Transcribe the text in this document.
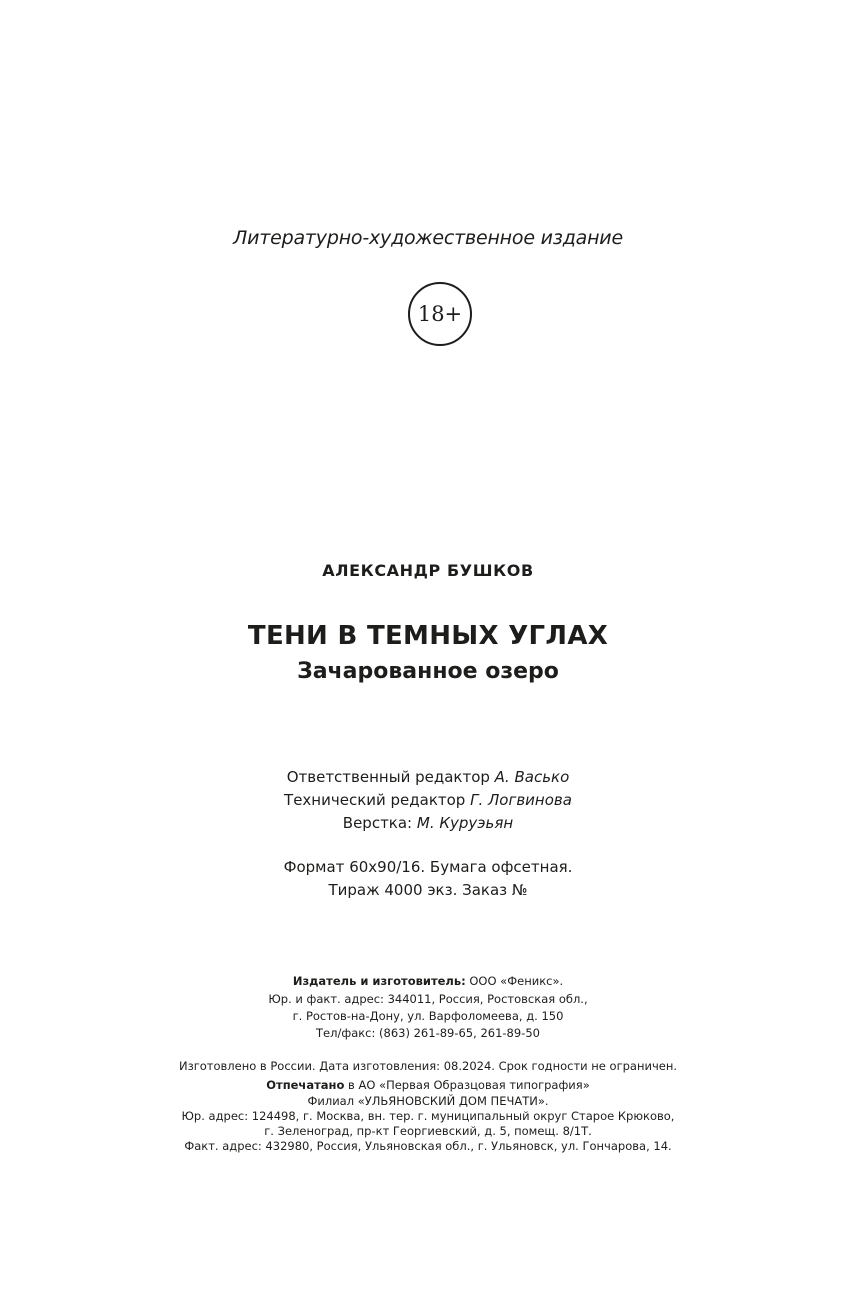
Литературно-художественное издание
18+
АЛЕКСАНДР БУШКОВ
ТЕНИ В ТЕМНЫХ УГЛАХ
Зачарованное озеро
Ответственный редактор А. Васько
Технический редактор Г. Логвинова
Верстка: М. Куруэьян
Формат 60x90/16. Бумага офсетная.
Тираж 4000 экз. Заказ №
Издатель и изготовитель: ООО «Феникс».
Юр. и факт. адрес: 344011, Россия, Ростовская обл.,
г. Ростов-на-Дону, ул. Варфоломеева, д. 150
Тел/факс: (863) 261-89-65, 261-89-50
Изготовлено в России. Дата изготовления: 08.2024. Срок годности не ограничен.
Отпечатано в АО «Первая Образцовая типография»
Филиал «УЛЬЯНОВСКИЙ ДОМ ПЕЧАТИ».
Юр. адрес: 124498, г. Москва, вн. тер. г. муниципальный округ Старое Крюково,
г. Зеленоград, пр-кт Георгиевский, д. 5, помещ. 8/1Т.
Факт. адрес: 432980, Россия, Ульяновская обл., г. Ульяновск, ул. Гончарова, 14.
